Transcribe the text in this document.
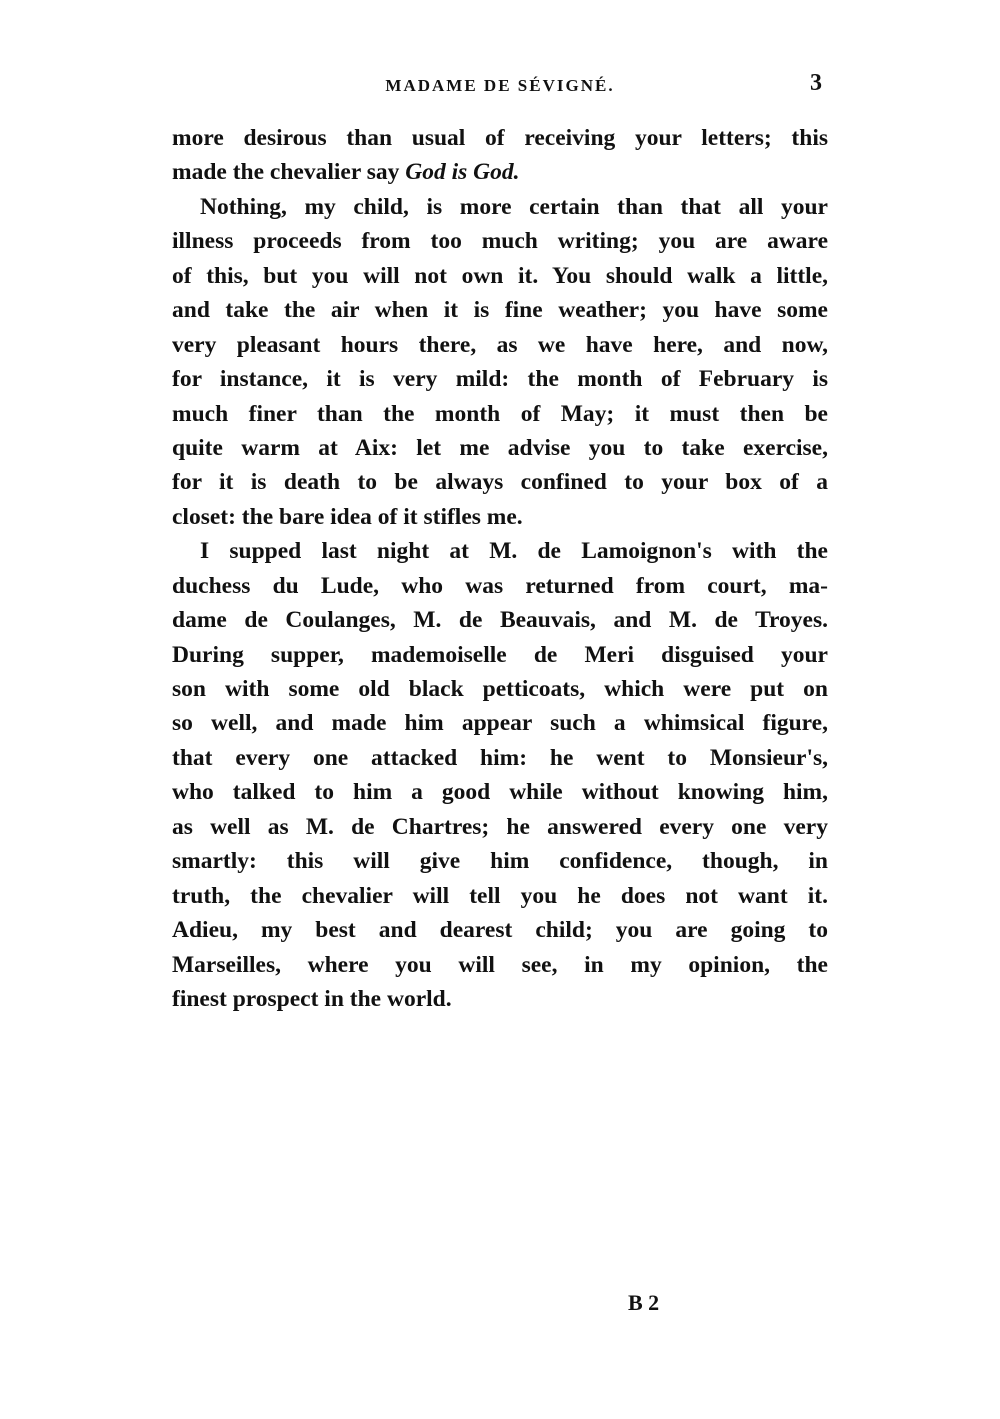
MADAME DE SÉVIGNÉ.	3
more desirous than usual of receiving your letters; this
made the chevalier say God is God.
Nothing, my child, is more certain than that all your
illness proceeds from too much writing; you are aware
of this, but you will not own it. You should walk a little,
and take the air when it is fine weather; you have some
very pleasant hours there, as we have here, and now,
for instance, it is very mild: the month of February is
much finer than the month of May; it must then be
quite warm at Aix: let me advise you to take exercise,
for it is death to be always confined to your box of a
closet: the bare idea of it stifles me.
I supped last night at M. de Lamoignon's with the
duchess du Lude, who was returned from court, ma-
dame de Coulanges, M. de Beauvais, and M. de Troyes.
During supper, mademoiselle de Meri disguised your
son with some old black petticoats, which were put on
so well, and made him appear such a whimsical figure,
that every one attacked him: he went to Monsieur's,
who talked to him a good while without knowing him,
as well as M. de Chartres; he answered every one very
smartly: this will give him confidence, though, in
truth, the chevalier will tell you he does not want it.
Adieu, my best and dearest child; you are going to
Marseilles, where you will see, in my opinion, the
finest prospect in the world.
B 2
